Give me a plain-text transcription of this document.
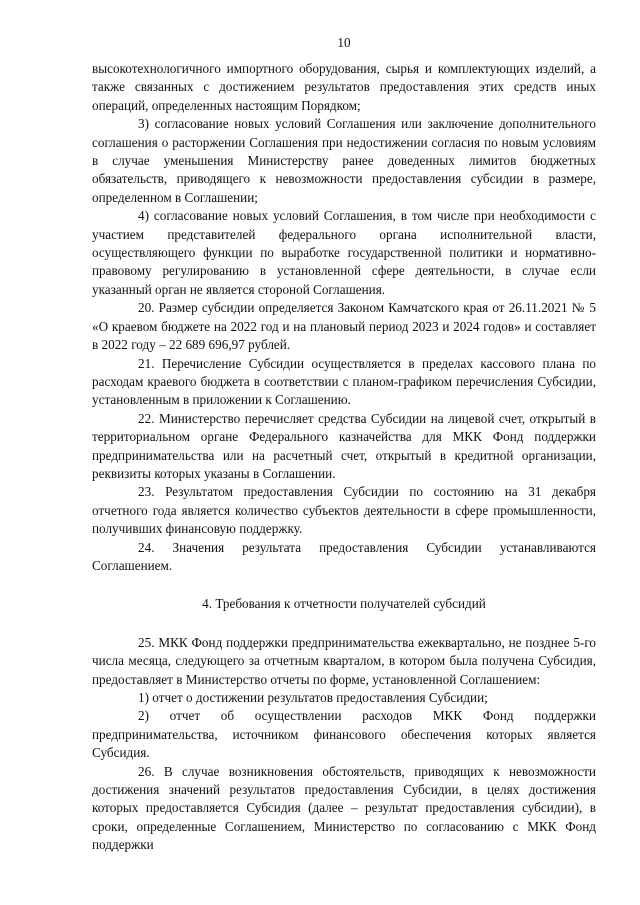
10

высокотехнологичного импортного оборудования, сырья и комплектующих изделий, а также связанных с достижением результатов предоставления этих средств иных операций, определенных настоящим Порядком;

3) согласование новых условий Соглашения или заключение дополнительного соглашения о расторжении Соглашения при недостижении согласия по новым условиям в случае уменьшения Министерству ранее доведенных лимитов бюджетных обязательств, приводящего к невозможности предоставления субсидии в размере, определенном в Соглашении;

4) согласование новых условий Соглашения, в том числе при необходимости с участием представителей федерального органа исполнительной власти, осуществляющего функции по выработке государственной политики и нормативно-правовому регулированию в установленной сфере деятельности, в случае если указанный орган не является стороной Соглашения.

20. Размер субсидии определяется Законом Камчатского края от 26.11.2021 № 5 «О краевом бюджете на 2022 год и на плановый период 2023 и 2024 годов» и составляет в 2022 году – 22 689 696,97 рублей.

21. Перечисление Субсидии осуществляется в пределах кассового плана по расходам краевого бюджета в соответствии с планом-графиком перечисления Субсидии, установленным в приложении к Соглашению.

22. Министерство перечисляет средства Субсидии на лицевой счет, открытый в территориальном органе Федерального казначейства для МКК Фонд поддержки предпринимательства или на расчетный счет, открытый в кредитной организации, реквизиты которых указаны в Соглашении.

23. Результатом предоставления Субсидии по состоянию на 31 декабря отчетного года является количество субъектов деятельности в сфере промышленности, получивших финансовую поддержку.

24. Значения результата предоставления Субсидии устанавливаются Соглашением.

4. Требования к отчетности получателей субсидий

25. МКК Фонд поддержки предпринимательства ежеквартально, не позднее 5-го числа месяца, следующего за отчетным кварталом, в котором была получена Субсидия, предоставляет в Министерство отчеты по форме, установленной Соглашением:

1) отчет о достижении результатов предоставления Субсидии;

2) отчет об осуществлении расходов МКК Фонд поддержки предпринимательства, источником финансового обеспечения которых является Субсидия.

26. В случае возникновения обстоятельств, приводящих к невозможности достижения значений результатов предоставления Субсидии, в целях достижения которых предоставляется Субсидия (далее – результат предоставления субсидии), в сроки, определенные Соглашением, Министерство по согласованию с МКК Фонд поддержки
